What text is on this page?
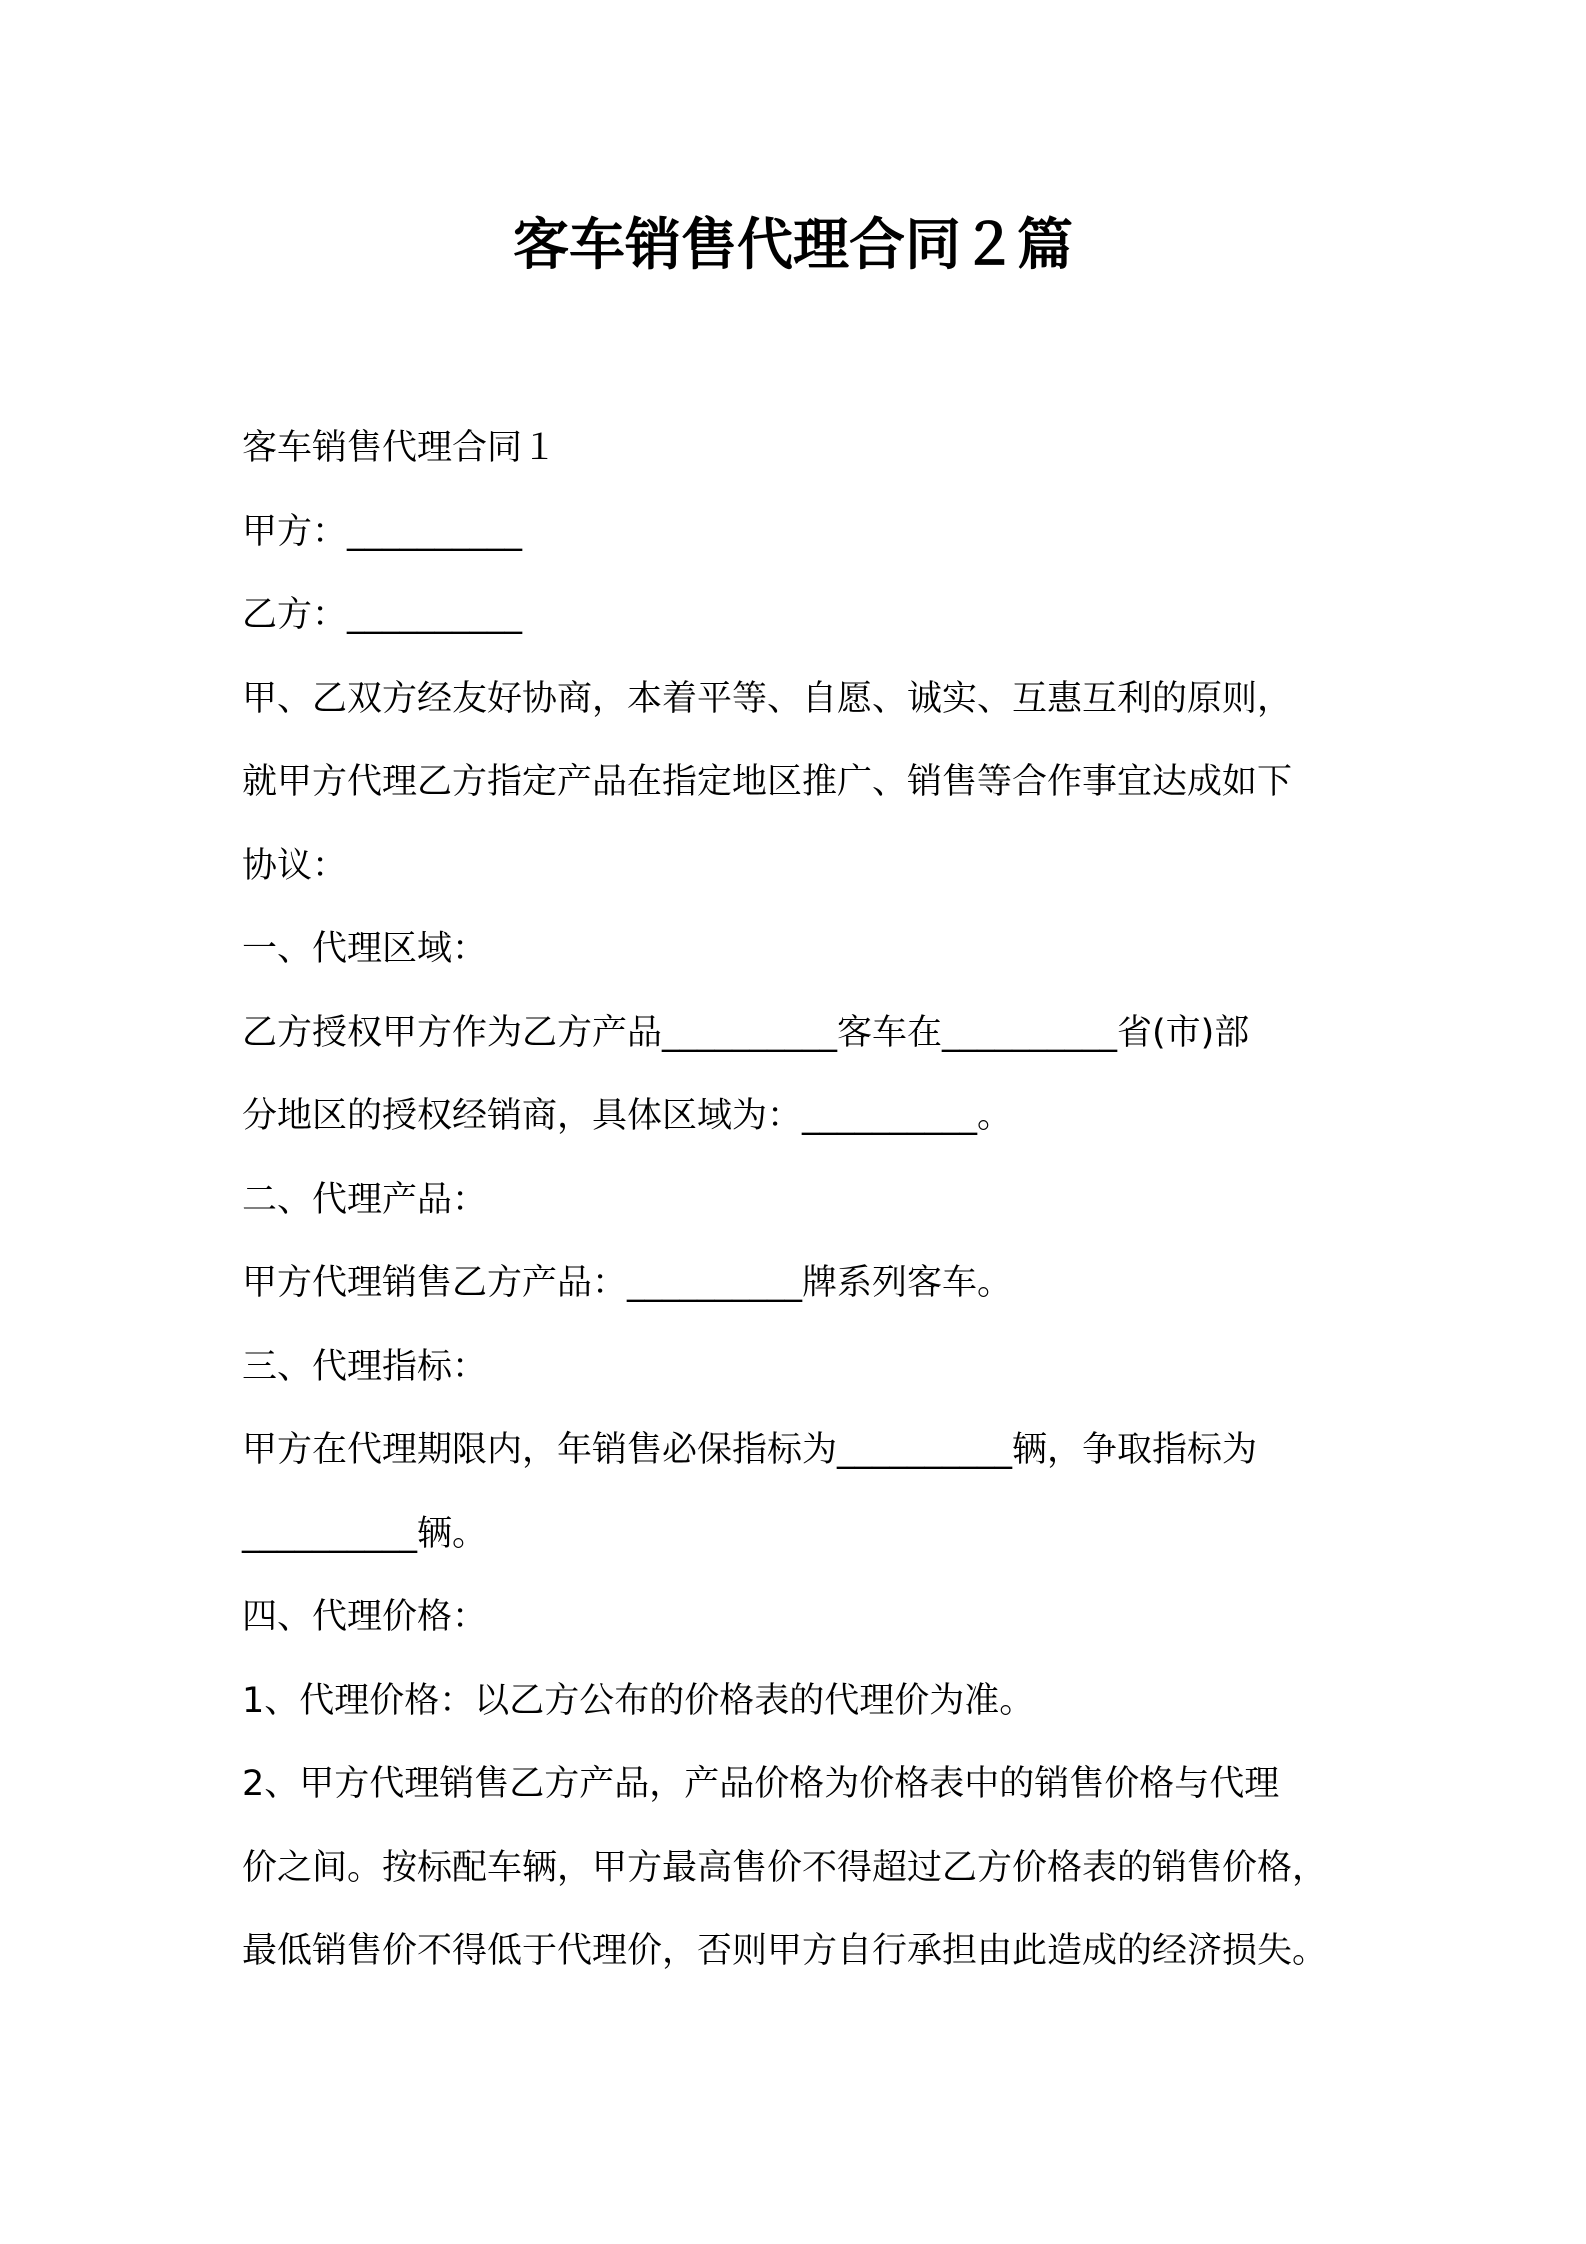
客车销售代理合同２篇
客车销售代理合同１
甲方：__________
乙方：__________
甲、乙双方经友好协商，本着平等、自愿、诚实、互惠互利的原则，
就甲方代理乙方指定产品在指定地区推广、销售等合作事宜达成如下
协议：
一、代理区域：
乙方授权甲方作为乙方产品__________客车在__________省(市)部
分地区的授权经销商，具体区域为：__________。
二、代理产品：
甲方代理销售乙方产品：__________牌系列客车。
三、代理指标：
甲方在代理期限内，年销售必保指标为__________辆，争取指标为
__________辆。
四、代理价格：
1、代理价格：以乙方公布的价格表的代理价为准。
2、甲方代理销售乙方产品，产品价格为价格表中的销售价格与代理
价之间。按标配车辆，甲方最高售价不得超过乙方价格表的销售价格，
最低销售价不得低于代理价，否则甲方自行承担由此造成的经济损失。
